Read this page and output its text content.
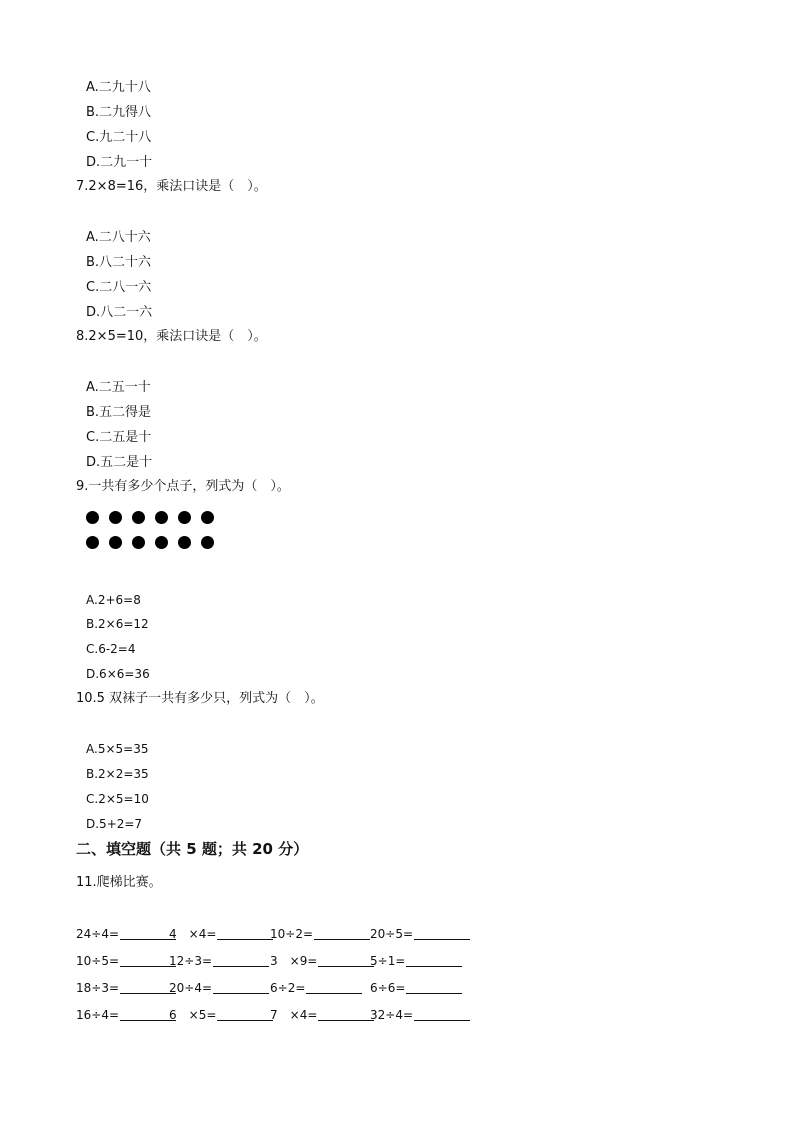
A.二九十八
B.二九得八
C.九二十八
D.二九一十
7.2×8=16，乘法口诀是（　）。
A.二八十六
B.八二十六
C.二八一六
D.八二一六
8.2×5=10，乘法口诀是（　）。
A.二五一十
B.五二得是
C.二五是十
D.五二是十
9.一共有多少个点子，列式为（　）。
A.2+6=8
B.2×6=12
C.6-2=4
D.6×6=36
10.5 双袜子一共有多少只，列式为（　）。
A.5×5=35
B.2×2=35
C.2×5=10
D.5+2=7
二、填空题（共 5 题；共 20 分）
11.爬梯比赛。
24÷4=	4　×4=	10÷2=	20÷5=
10÷5=	12÷3=	3　×9=	5÷1=
18÷3=	20÷4=	6÷2=	6÷6=
16÷4=	6　×5=	7　×4=	32÷4=
